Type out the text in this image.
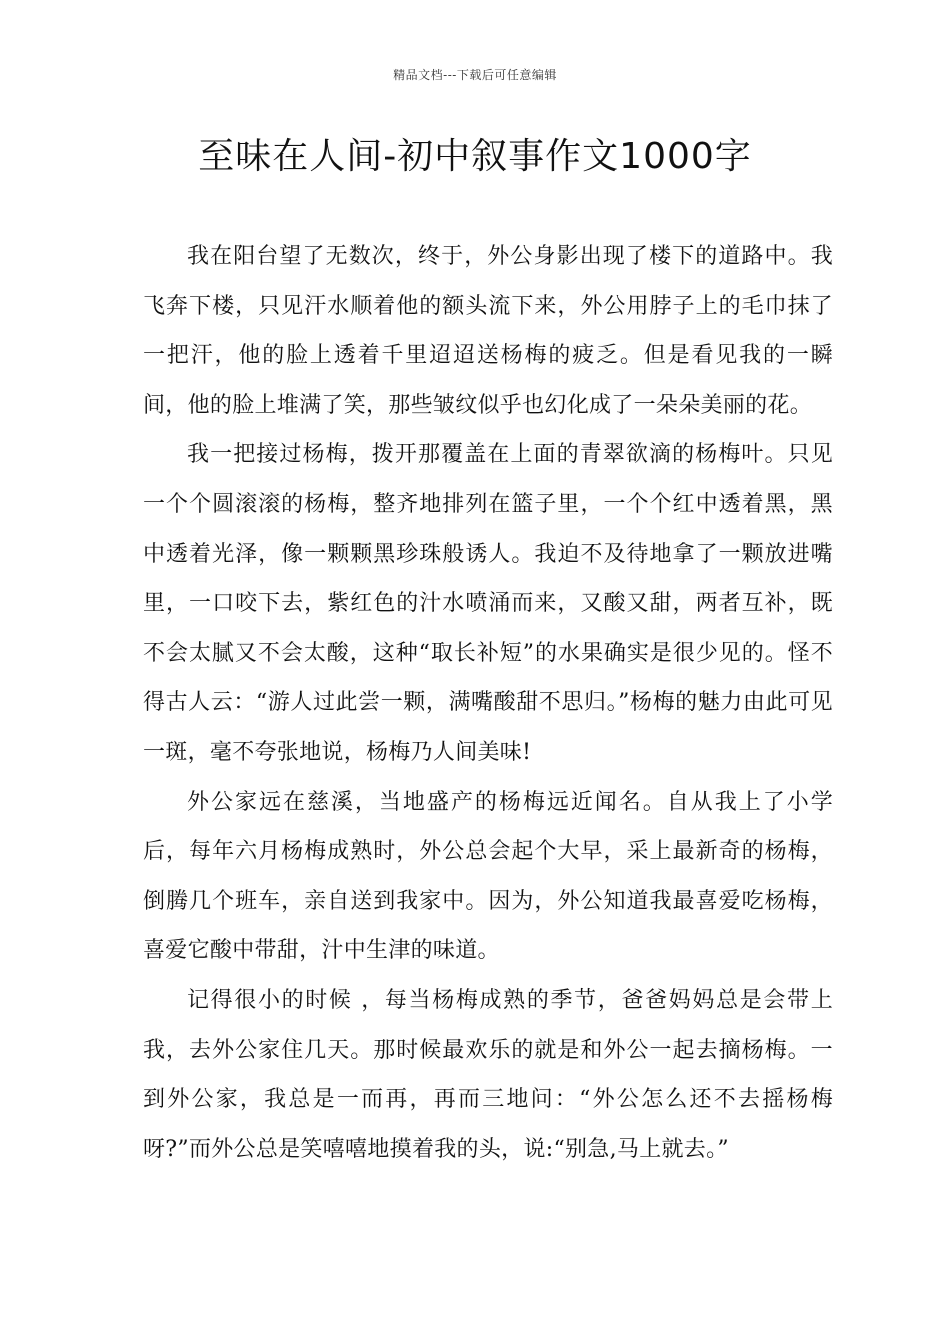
精品文档---下载后可任意编辑
至味在人间-初中叙事作文1000字

我在阳台望了无数次，终于，外公身影出现了楼下的道路中。我飞奔下楼，只见汗水顺着他的额头流下来，外公用脖子上的毛巾抹了一把汗，他的脸上透着千里迢迢送杨梅的疲乏。但是看见我的一瞬间，他的脸上堆满了笑，那些皱纹似乎也幻化成了一朵朵美丽的花。

我一把接过杨梅，拨开那覆盖在上面的青翠欲滴的杨梅叶。只见一个个圆滚滚的杨梅，整齐地排列在篮子里，一个个红中透着黑，黑中透着光泽，像一颗颗黑珍珠般诱人。我迫不及待地拿了一颗放进嘴里，一口咬下去，紫红色的汁水喷涌而来，又酸又甜，两者互补，既不会太腻又不会太酸，这种“取长补短”的水果确实是很少见的。怪不得古人云：“游人过此尝一颗，满嘴酸甜不思归。”杨梅的魅力由此可见一斑，毫不夸张地说，杨梅乃人间美味!

外公家远在慈溪，当地盛产的杨梅远近闻名。自从我上了小学后，每年六月杨梅成熟时，外公总会起个大早，采上最新奇的杨梅，倒腾几个班车，亲自送到我家中。因为，外公知道我最喜爱吃杨梅，喜爱它酸中带甜，汁中生津的味道。

记得很小的时候 ，每当杨梅成熟的季节，爸爸妈妈总是会带上我，去外公家住几天。那时候最欢乐的就是和外公一起去摘杨梅。一到外公家，我总是一而再，再而三地问：“外公怎么还不去摇杨梅呀?”而外公总是笑嘻嘻地摸着我的头，说:“别急,马上就去。”
